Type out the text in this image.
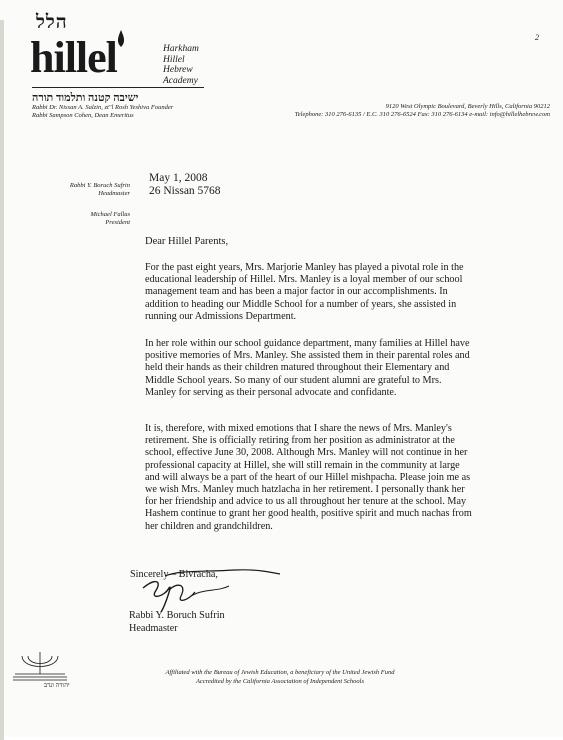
הלל
hillel	Harkham
Hillel
Hebrew
Academy
ישיבה קטנה ותלמוד תורה
Rabbi Dr. Nissan A. Salzin, zt"l Rosh Yeshiva Founder
Rabbi Sampson Cohen, Dean Emeritus
2
9120 West Olympic Boulevard, Beverly Hills, California 90212
Telephone: 310 276-6135 / E.C. 310 276-6524 Fax: 310 276-6134 e-mail: info@hillelhebrew.com
May 1, 2008
26 Nissan 5768
Rabbi Y. Boruch Sufrin
Headmaster
Michael Fallas
President
Dear Hillel Parents,
For the past eight years, Mrs. Marjorie Manley has played a pivotal role in the educational leadership of Hillel. Mrs. Manley is a loyal member of our school management team and has been a major factor in our accomplishments. In addition to heading our Middle School for a number of years, she assisted in running our Admissions Department.
In her role within our school guidance department, many families at Hillel have positive memories of Mrs. Manley. She assisted them in their parental roles and held their hands as their children matured throughout their Elementary and Middle School years. So many of our student alumni are grateful to Mrs. Manley for serving as their personal advocate and confidante.
It is, therefore, with mixed emotions that I share the news of Mrs. Manley's retirement. She is officially retiring from her position as administrator at the school, effective June 30, 2008. Although Mrs. Manley will not continue in her professional capacity at Hillel, she will still remain in the community at large and will always be a part of the heart of our Hillel mishpacha. Please join me as we wish Mrs. Manley much hatzlacha in her retirement. I personally thank her for her friendship and advice to us all throughout her tenure at the school. May Hashem continue to grant her good health, positive spirit and much nachas from her children and grandchildren.
Sincerely – Bivracha,
Rabbi Y. Boruch Sufrin
Headmaster
יהודה ונדב
Affiliated with the Bureau of Jewish Education, a beneficiary of the United Jewish Fund
Accredited by the California Association of Independent Schools
